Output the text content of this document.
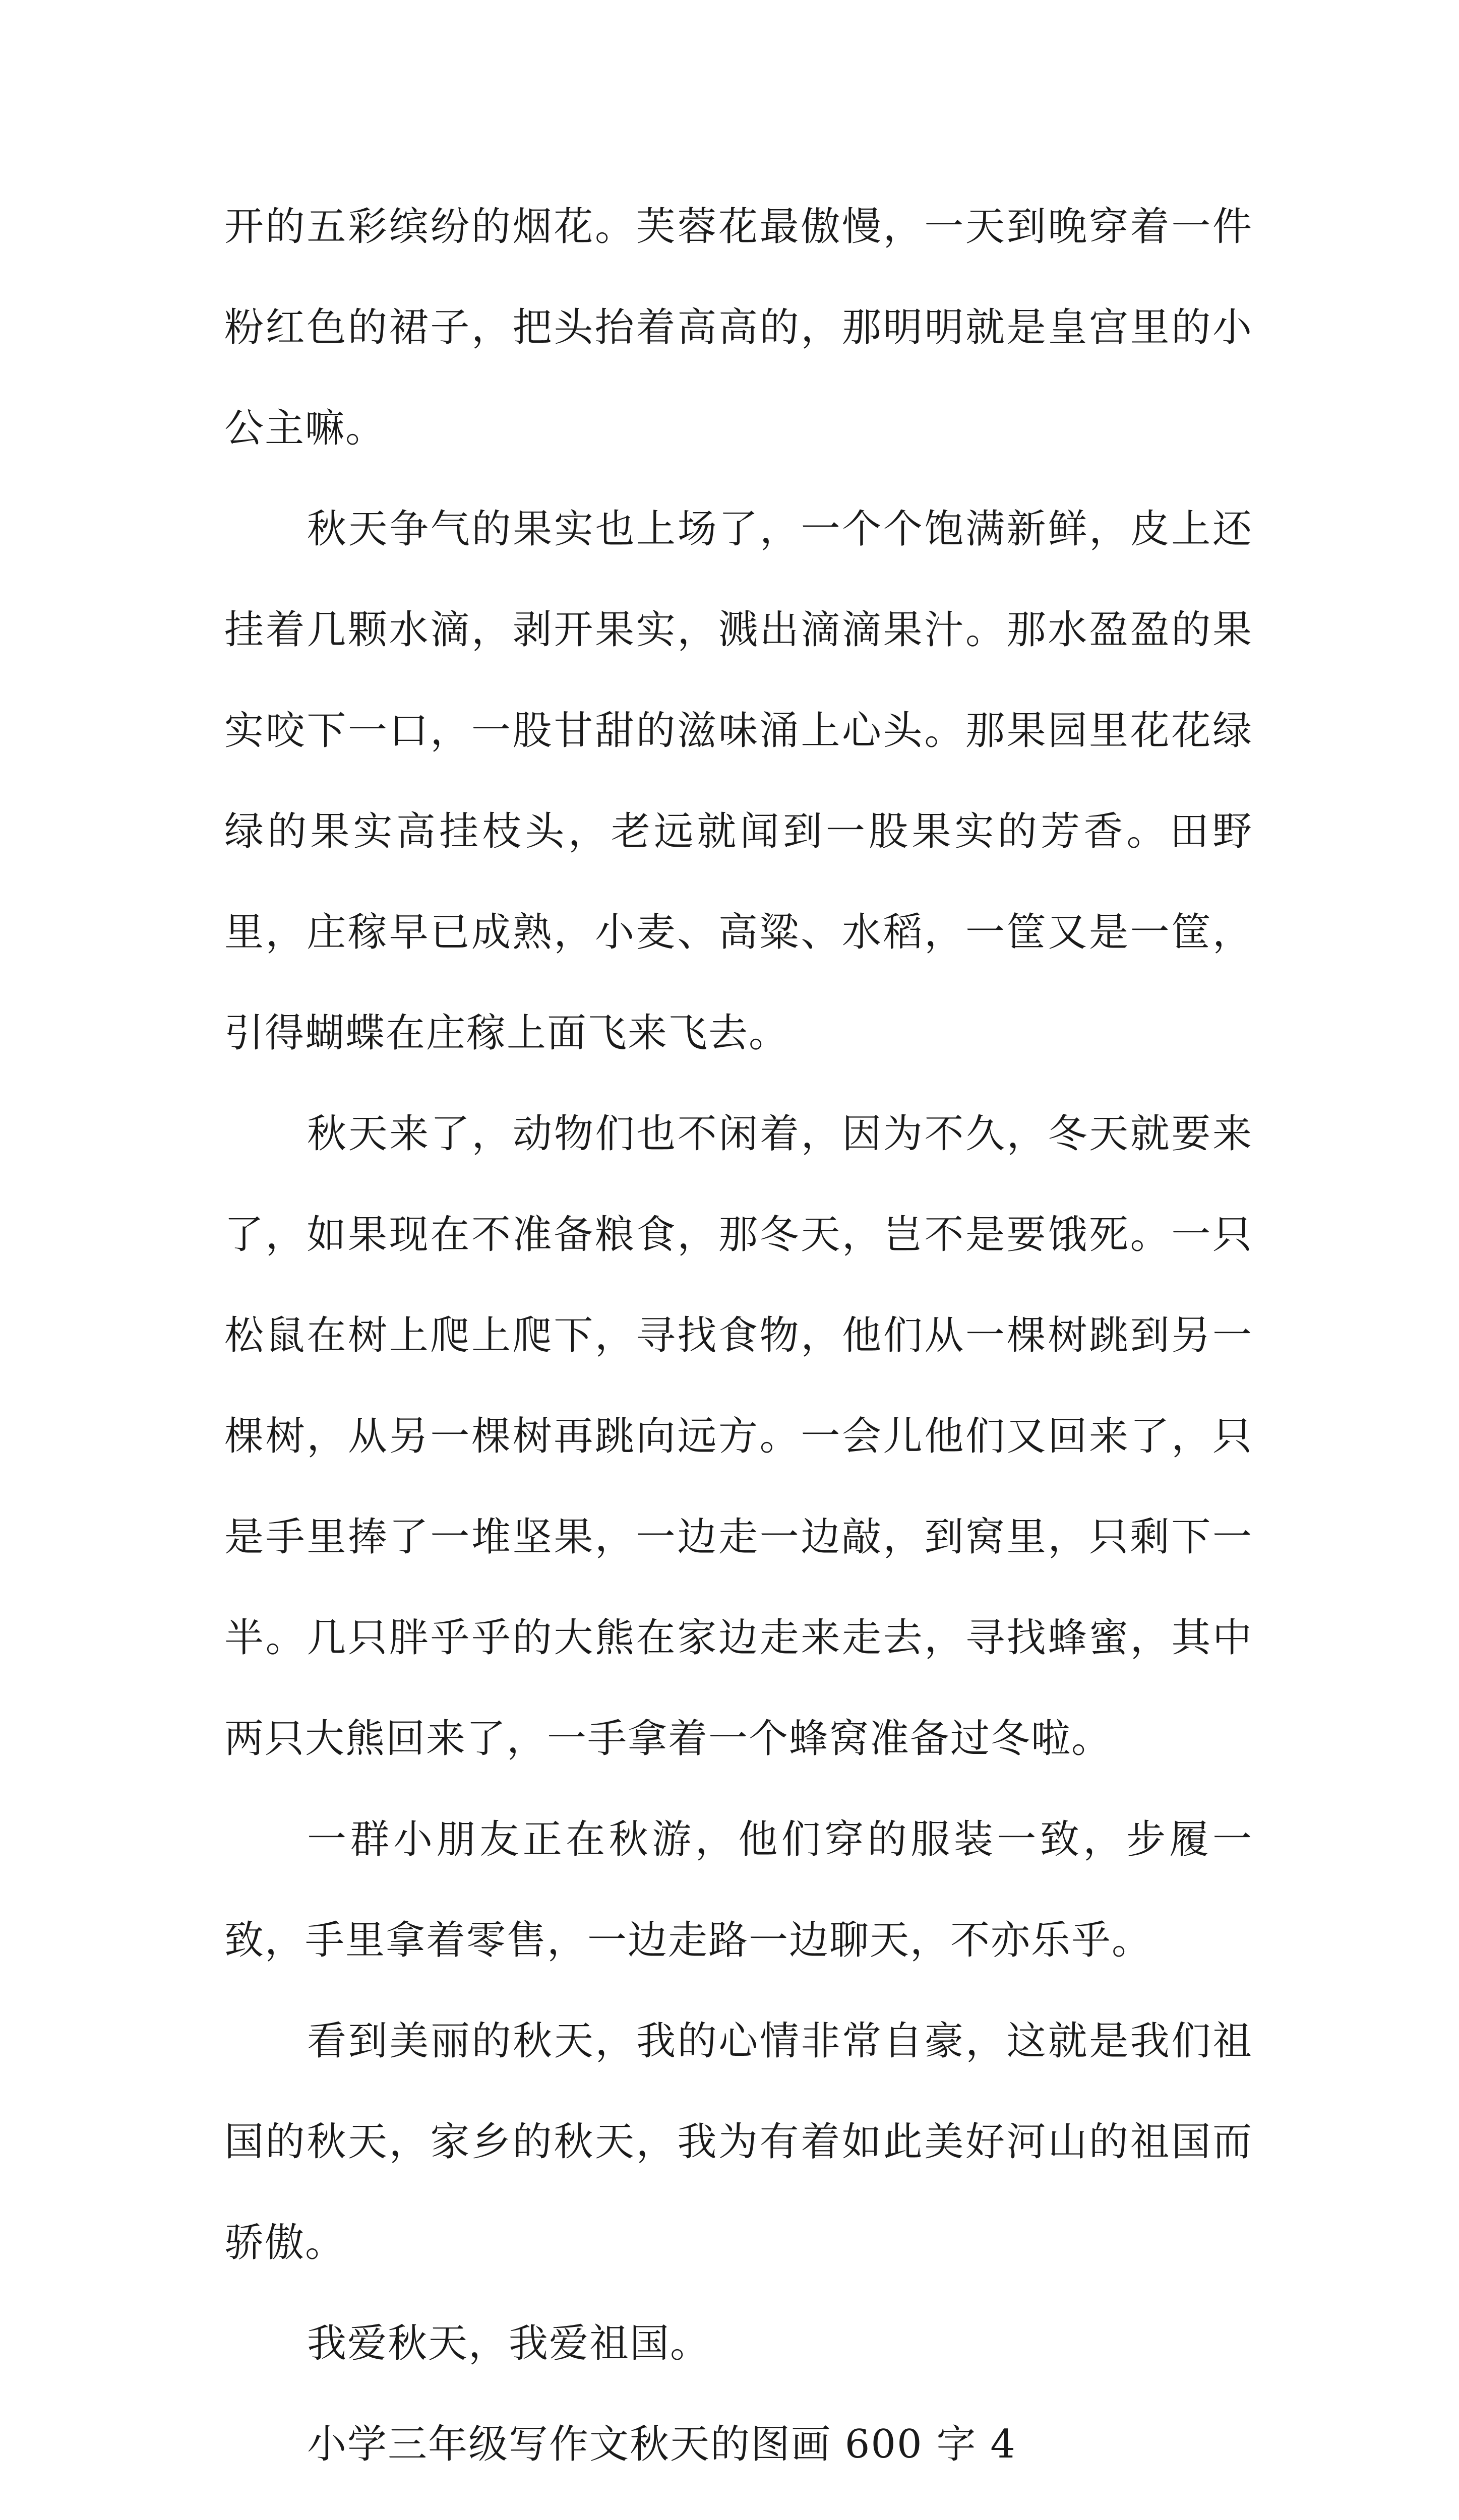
开的五彩缤纷的烟花。芙蓉花最傲慢，一天到晚穿着一件粉红色的裙子，把头抬着高高的，那明明就是皇宫里的小公主嘛。

秋天争气的果实也上场了，一个个饱满新鲜，皮上还挂着几颗水滴，剥开果实，溅出滴滴果汁。那水盈盈的果实咬下一口，一股甘甜的滋味涌上心头。那果园里花花绿绿的果实高挂枝头，老远就闻到一股果实的芳香。田野里，庄稼早已成熟，小麦、高粱、水稻，一筐又是一筐，引得蝴蝶在庄稼上面飞来飞去。

秋天来了，动物们也不闲着，因为不久，冬天就要来了，如果现在不准备粮食，那冬天，岂不是要饿死。一只松鼠在树上爬上爬下，寻找食物，他们从一棵树跳到另一棵树，从另一棵树再跳向远方。一会儿他们又回来了，只是手里捧了一堆坚果，一边走一边敲，到窝里，只剩下一半。几只胖乎乎的大熊在家边走来走去，寻找蜂蜜，其中两只大熊回来了，一手拿着一个蜂窝准备过冬啦。

一群小朋友正在秋游，他们穿的服装一致，步履一致，手里拿着零售，一边走路一边聊天，不亦乐乎。

看到美丽的秋天，我的心情非常自豪，这就是我们祖国的秋天，家乡的秋天，我为有着如此美好河山的祖国而骄傲。

我爱秋天，我爱祖国。

小学三年级写作文秋天的图画 600 字 4
